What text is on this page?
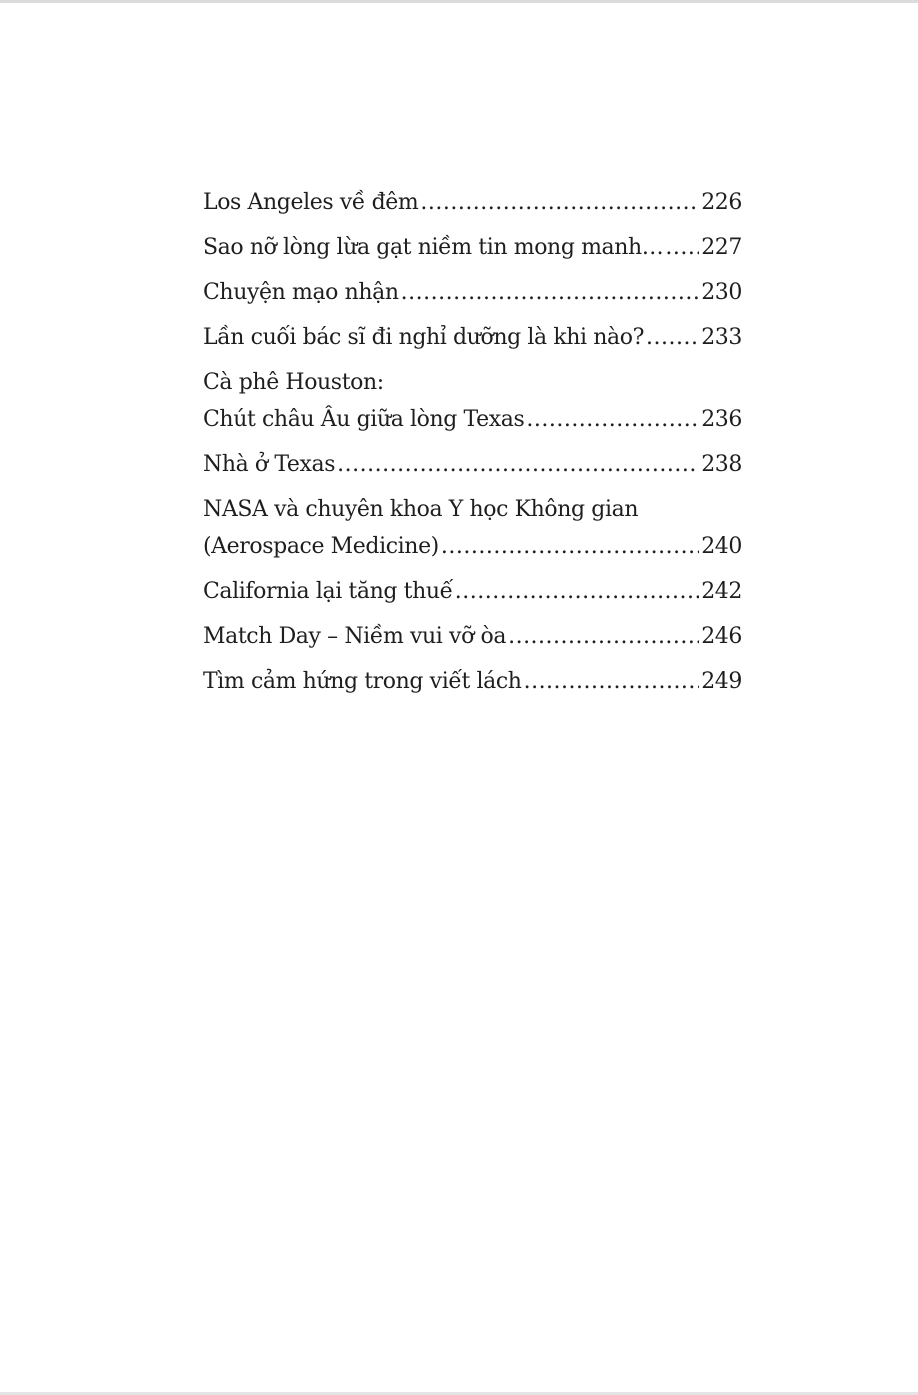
Los Angeles về đêm .....	226
Sao nỡ lòng lừa gạt niềm tin mong manh… ..... 227
Chuyện mạo nhận .....	230
Lần cuối bác sĩ đi nghỉ dưỡng là khi nào? .....	233
Cà phê Houston:
Chút châu Âu giữa lòng Texas .....	236
Nhà ở Texas .....	238
NASA và chuyên khoa Y học Không gian
(Aerospace Medicine) .....	240
California lại tăng thuế .....	242
Match Day – Niềm vui vỡ òa .....	246
Tìm cảm hứng trong viết lách .....	249
